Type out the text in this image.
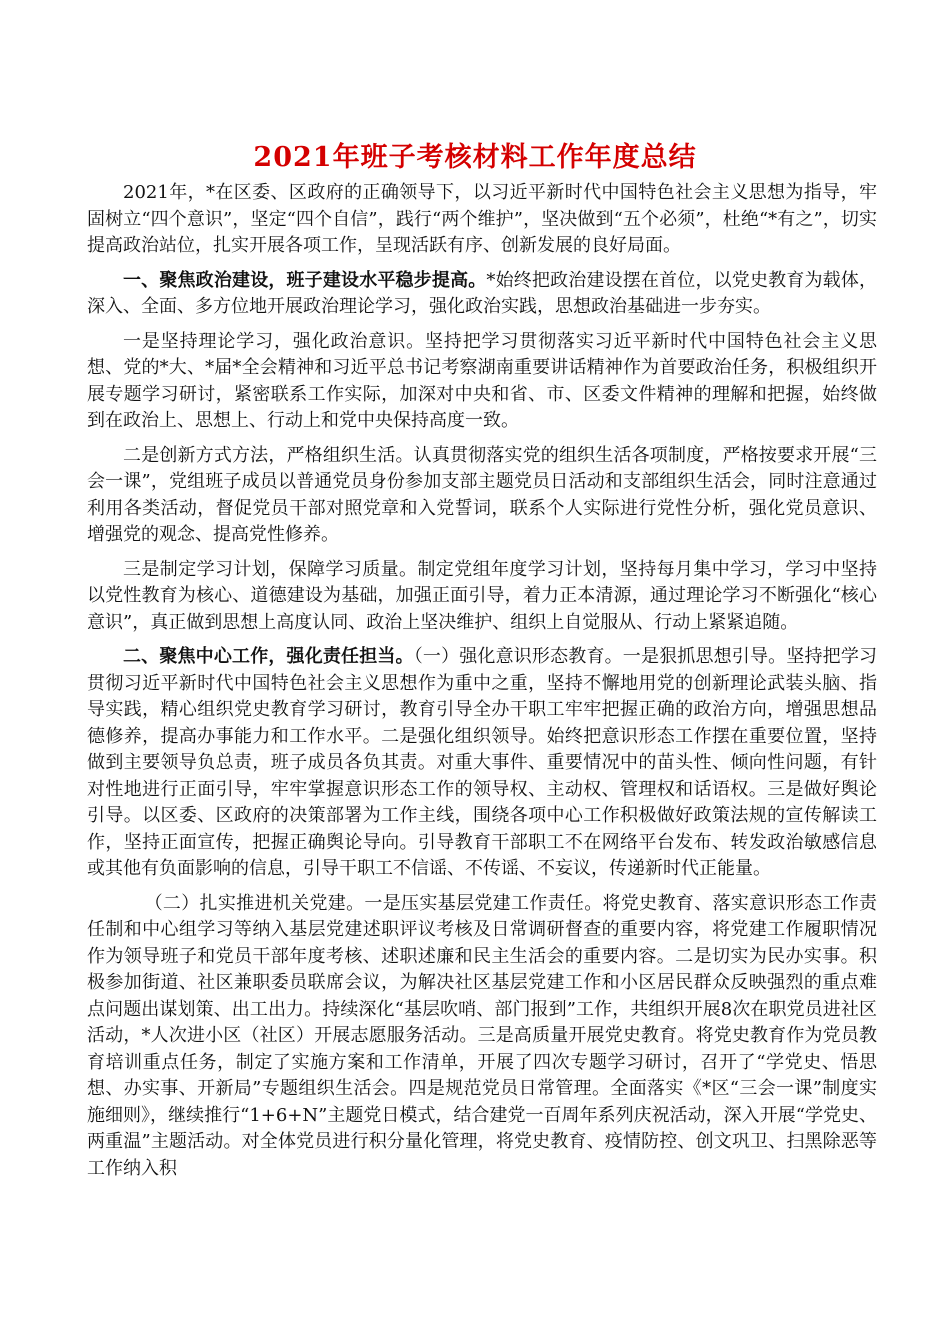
2021年班子考核材料工作年度总结

2021年，*在区委、区政府的正确领导下，以习近平新时代中国特色社会主义思想为指导，牢固树立“四个意识”，坚定“四个自信”，践行“两个维护”，坚决做到“五个必须”，杜绝“*有之”，切实提高政治站位，扎实开展各项工作，呈现活跃有序、创新发展的良好局面。

一、聚焦政治建设，班子建设水平稳步提高。*始终把政治建设摆在首位，以党史教育为载体，深入、全面、多方位地开展政治理论学习，强化政治实践，思想政治基础进一步夯实。

一是坚持理论学习，强化政治意识。坚持把学习贯彻落实习近平新时代中国特色社会主义思想、党的*大、*届*全会精神和习近平总书记考察湖南重要讲话精神作为首要政治任务，积极组织开展专题学习研讨，紧密联系工作实际，加深对中央和省、市、区委文件精神的理解和把握，始终做到在政治上、思想上、行动上和党中央保持高度一致。

二是创新方式方法，严格组织生活。认真贯彻落实党的组织生活各项制度，严格按要求开展“三会一课”，党组班子成员以普通党员身份参加支部主题党员日活动和支部组织生活会，同时注意通过利用各类活动，督促党员干部对照党章和入党誓词，联系个人实际进行党性分析，强化党员意识、增强党的观念、提高党性修养。

三是制定学习计划，保障学习质量。制定党组年度学习计划，坚持每月集中学习，学习中坚持以党性教育为核心、道德建设为基础，加强正面引导，着力正本清源，通过理论学习不断强化“核心意识”，真正做到思想上高度认同、政治上坚决维护、组织上自觉服从、行动上紧紧追随。

二、聚焦中心工作，强化责任担当。（一）强化意识形态教育。一是狠抓思想引导。坚持把学习贯彻习近平新时代中国特色社会主义思想作为重中之重，坚持不懈地用党的创新理论武装头脑、指导实践，精心组织党史教育学习研讨，教育引导全办干职工牢牢把握正确的政治方向，增强思想品德修养，提高办事能力和工作水平。二是强化组织领导。始终把意识形态工作摆在重要位置，坚持做到主要领导负总责，班子成员各负其责。对重大事件、重要情况中的苗头性、倾向性问题，有针对性地进行正面引导，牢牢掌握意识形态工作的领导权、主动权、管理权和话语权。三是做好舆论引导。以区委、区政府的决策部署为工作主线，围绕各项中心工作积极做好政策法规的宣传解读工作，坚持正面宣传，把握正确舆论导向。引导教育干部职工不在网络平台发布、转发政治敏感信息或其他有负面影响的信息，引导干职工不信谣、不传谣、不妄议，传递新时代正能量。

（二）扎实推进机关党建。一是压实基层党建工作责任。将党史教育、落实意识形态工作责任制和中心组学习等纳入基层党建述职评议考核及日常调研督查的重要内容，将党建工作履职情况作为领导班子和党员干部年度考核、述职述廉和民主生活会的重要内容。二是切实为民办实事。积极参加街道、社区兼职委员联席会议，为解决社区基层党建工作和小区居民群众反映强烈的重点难点问题出谋划策、出工出力。持续深化“基层吹哨、部门报到”工作，共组织开展8次在职党员进社区活动，*人次进小区（社区）开展志愿服务活动。三是高质量开展党史教育。将党史教育作为党员教育培训重点任务，制定了实施方案和工作清单，开展了四次专题学习研讨，召开了“学党史、悟思想、办实事、开新局”专题组织生活会。四是规范党员日常管理。全面落实《*区“三会一课”制度实施细则》，继续推行“1+6+N”主题党日模式，结合建党一百周年系列庆祝活动，深入开展“学党史、两重温”主题活动。对全体党员进行积分量化管理，将党史教育、疫情防控、创文巩卫、扫黑除恶等工作纳入积
